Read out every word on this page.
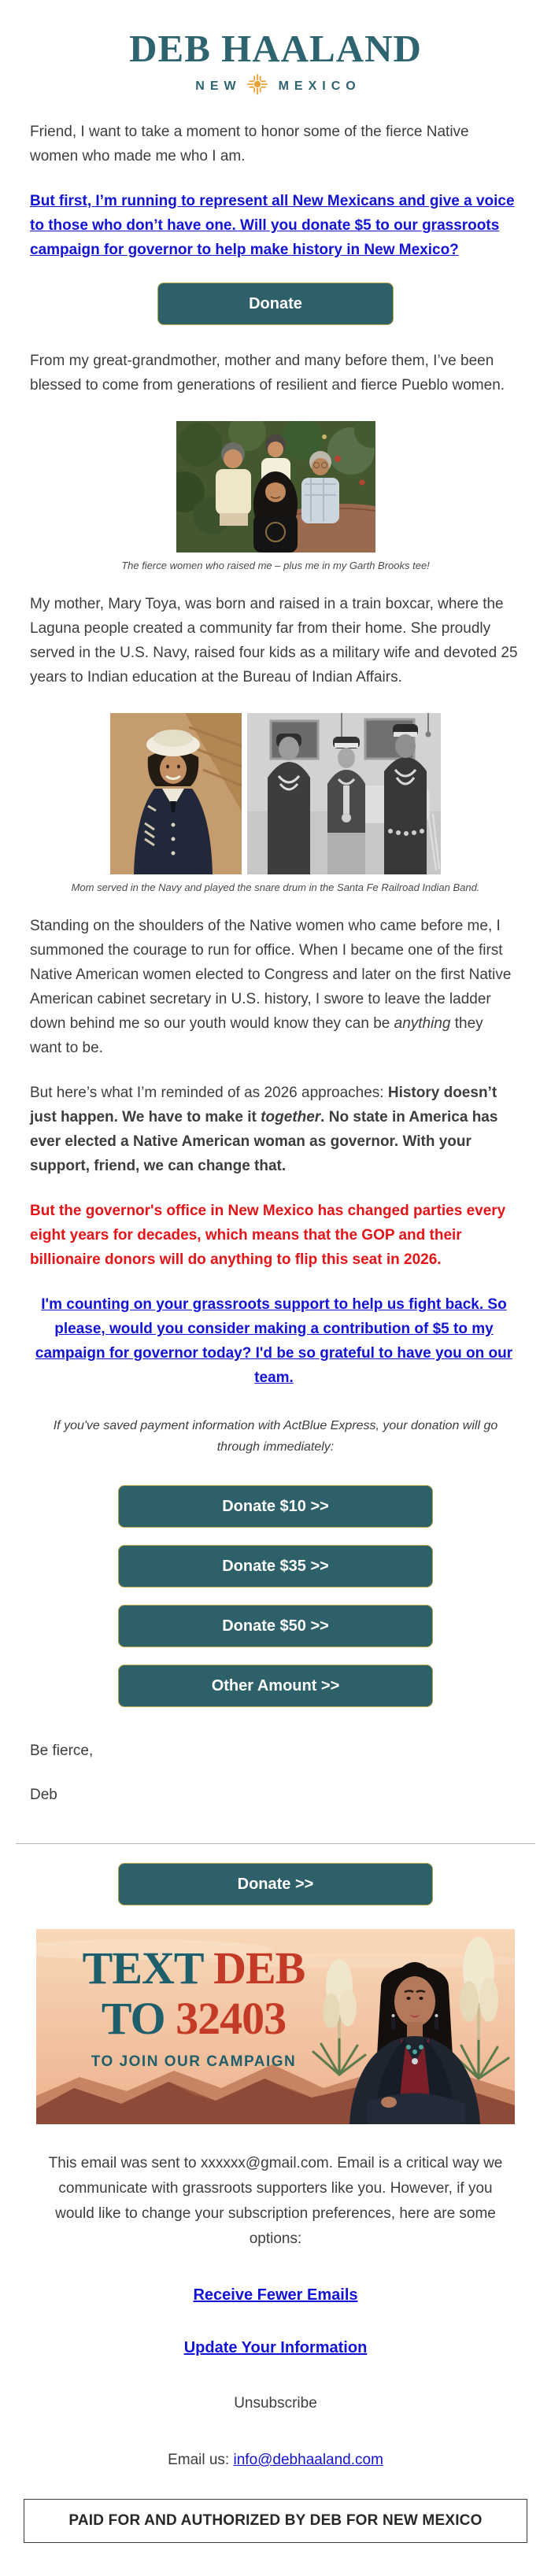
DEB HAALAND
NEW	MEXICO

Friend, I want to take a moment to honor some of the fierce Native women who made me who I am.

But first, I’m running to represent all New Mexicans and give a voice to those who don’t have one. Will you donate $5 to our grassroots campaign for governor to help make history in New Mexico?

Donate

From my great-grandmother, mother and many before them, I’ve been blessed to come from generations of resilient and fierce Pueblo women.

The fierce women who raised me – plus me in my Garth Brooks tee!

My mother, Mary Toya, was born and raised in a train boxcar, where the Laguna people created a community far from their home. She proudly served in the U.S. Navy, raised four kids as a military wife and devoted 25 years to Indian education at the Bureau of Indian Affairs.

Mom served in the Navy and played the snare drum in the Santa Fe Railroad Indian Band.

Standing on the shoulders of the Native women who came before me, I summoned the courage to run for office. When I became one of the first Native American women elected to Congress and later on the first Native American cabinet secretary in U.S. history, I swore to leave the ladder down behind me so our youth would know they can be anything they want to be.

But here’s what I’m reminded of as 2026 approaches: History doesn’t just happen. We have to make it together. No state in America has ever elected a Native American woman as governor. With your support, friend, we can change that.

But the governor's office in New Mexico has changed parties every eight years for decades, which means that the GOP and their billionaire donors will do anything to flip this seat in 2026.

I'm counting on your grassroots support to help us fight back. So please, would you consider making a contribution of $5 to my campaign for governor today? I'd be so grateful to have you on our team.

If you've saved payment information with ActBlue Express, your donation will go through immediately:

Donate $10 >>
Donate $35 >>
Donate $50 >>
Other Amount >>

Be fierce,

Deb

Donate >>
TEXT DEB
TO 32403
TO JOIN OUR CAMPAIGN

This email was sent to xxxxxx@gmail.com. Email is a critical way we communicate with grassroots supporters like you. However, if you would like to change your subscription preferences, here are some options:

Receive Fewer Emails
Update Your Information

Unsubscribe

Email us: info@debhaaland.com

PAID FOR AND AUTHORIZED BY DEB FOR NEW MEXICO
